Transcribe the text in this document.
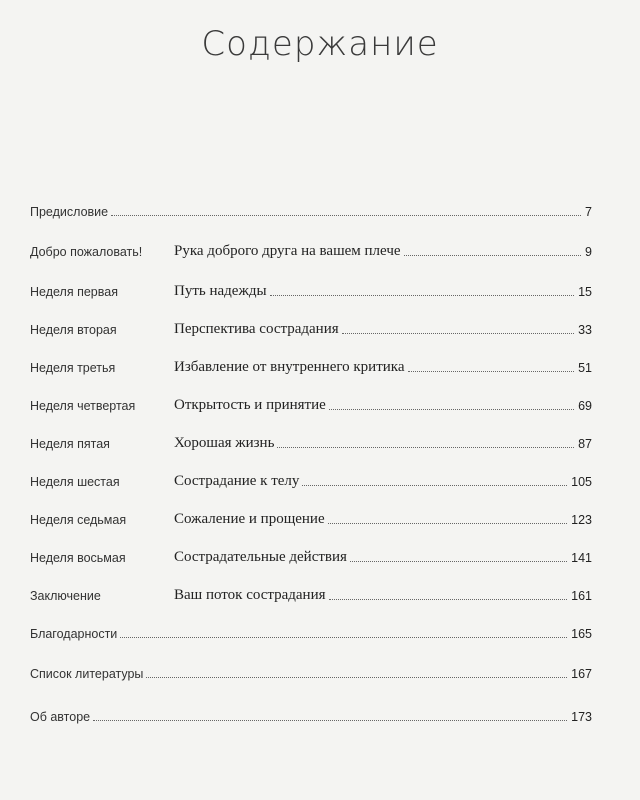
Содержание
Предисловие	7
Добро пожаловать!	Рука доброго друга на вашем плече	9
Неделя первая	Путь надежды	15
Неделя вторая	Перспектива сострадания	33
Неделя третья	Избавление от внутреннего критика	51
Неделя четвертая	Открытость и принятие	69
Неделя пятая	Хорошая жизнь	87
Неделя шестая	Сострадание к телу	105
Неделя седьмая	Сожаление и прощение	123
Неделя восьмая	Сострадательные действия	141
Заключение	Ваш поток сострадания	161
Благодарности	165
Список литературы	167
Об авторе	173
